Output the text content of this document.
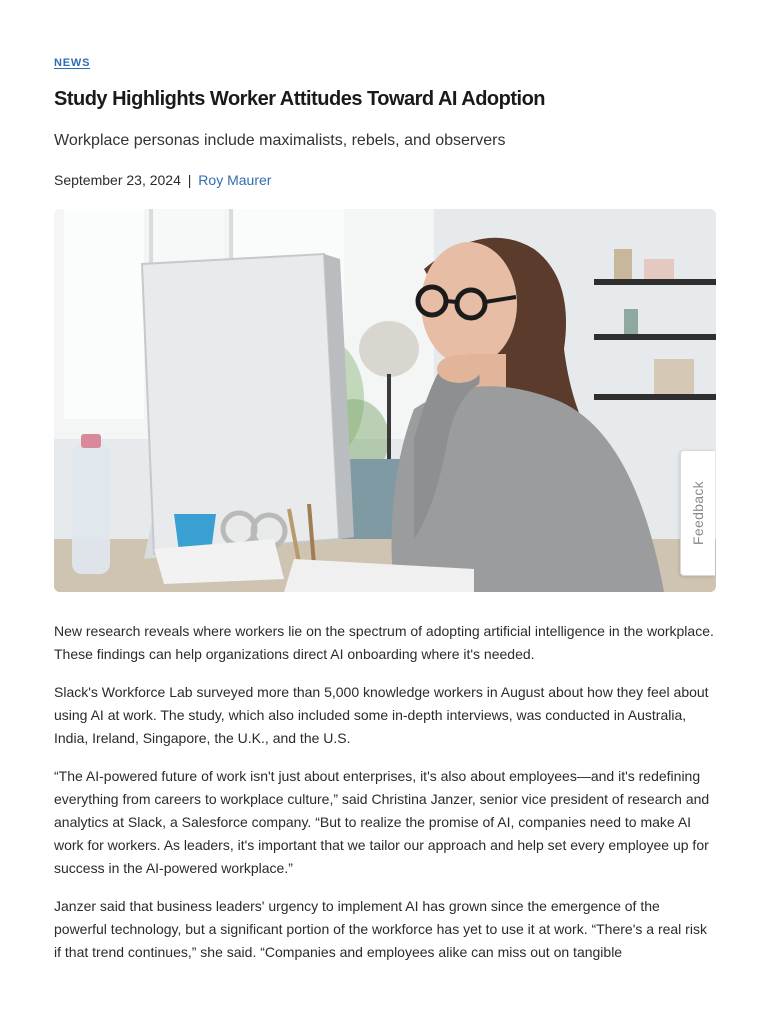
NEWS
Study Highlights Worker Attitudes Toward AI Adoption

Workplace personas include maximalists, rebels, and observers

September 23, 2024 | Roy Maurer

New research reveals where workers lie on the spectrum of adopting artificial intelligence in the workplace. These findings can help organizations direct AI onboarding where it's needed.

Slack's Workforce Lab surveyed more than 5,000 knowledge workers in August about how they feel about using AI at work. The study, which also included some in-depth interviews, was conducted in Australia, India, Ireland, Singapore, the U.K., and the U.S.

“The AI-powered future of work isn't just about enterprises, it's also about employees—and it's redefining everything from careers to workplace culture,” said Christina Janzer, senior vice president of research and analytics at Slack, a Salesforce company. “But to realize the promise of AI, companies need to make AI work for workers. As leaders, it's important that we tailor our approach and help set every employee up for success in the AI-powered workplace.”

Janzer said that business leaders' urgency to implement AI has grown since the emergence of the powerful technology, but a significant portion of the workforce has yet to use it at work. “There's a real risk if that trend continues,” she said. “Companies and employees alike can miss out on tangible

Feedback
